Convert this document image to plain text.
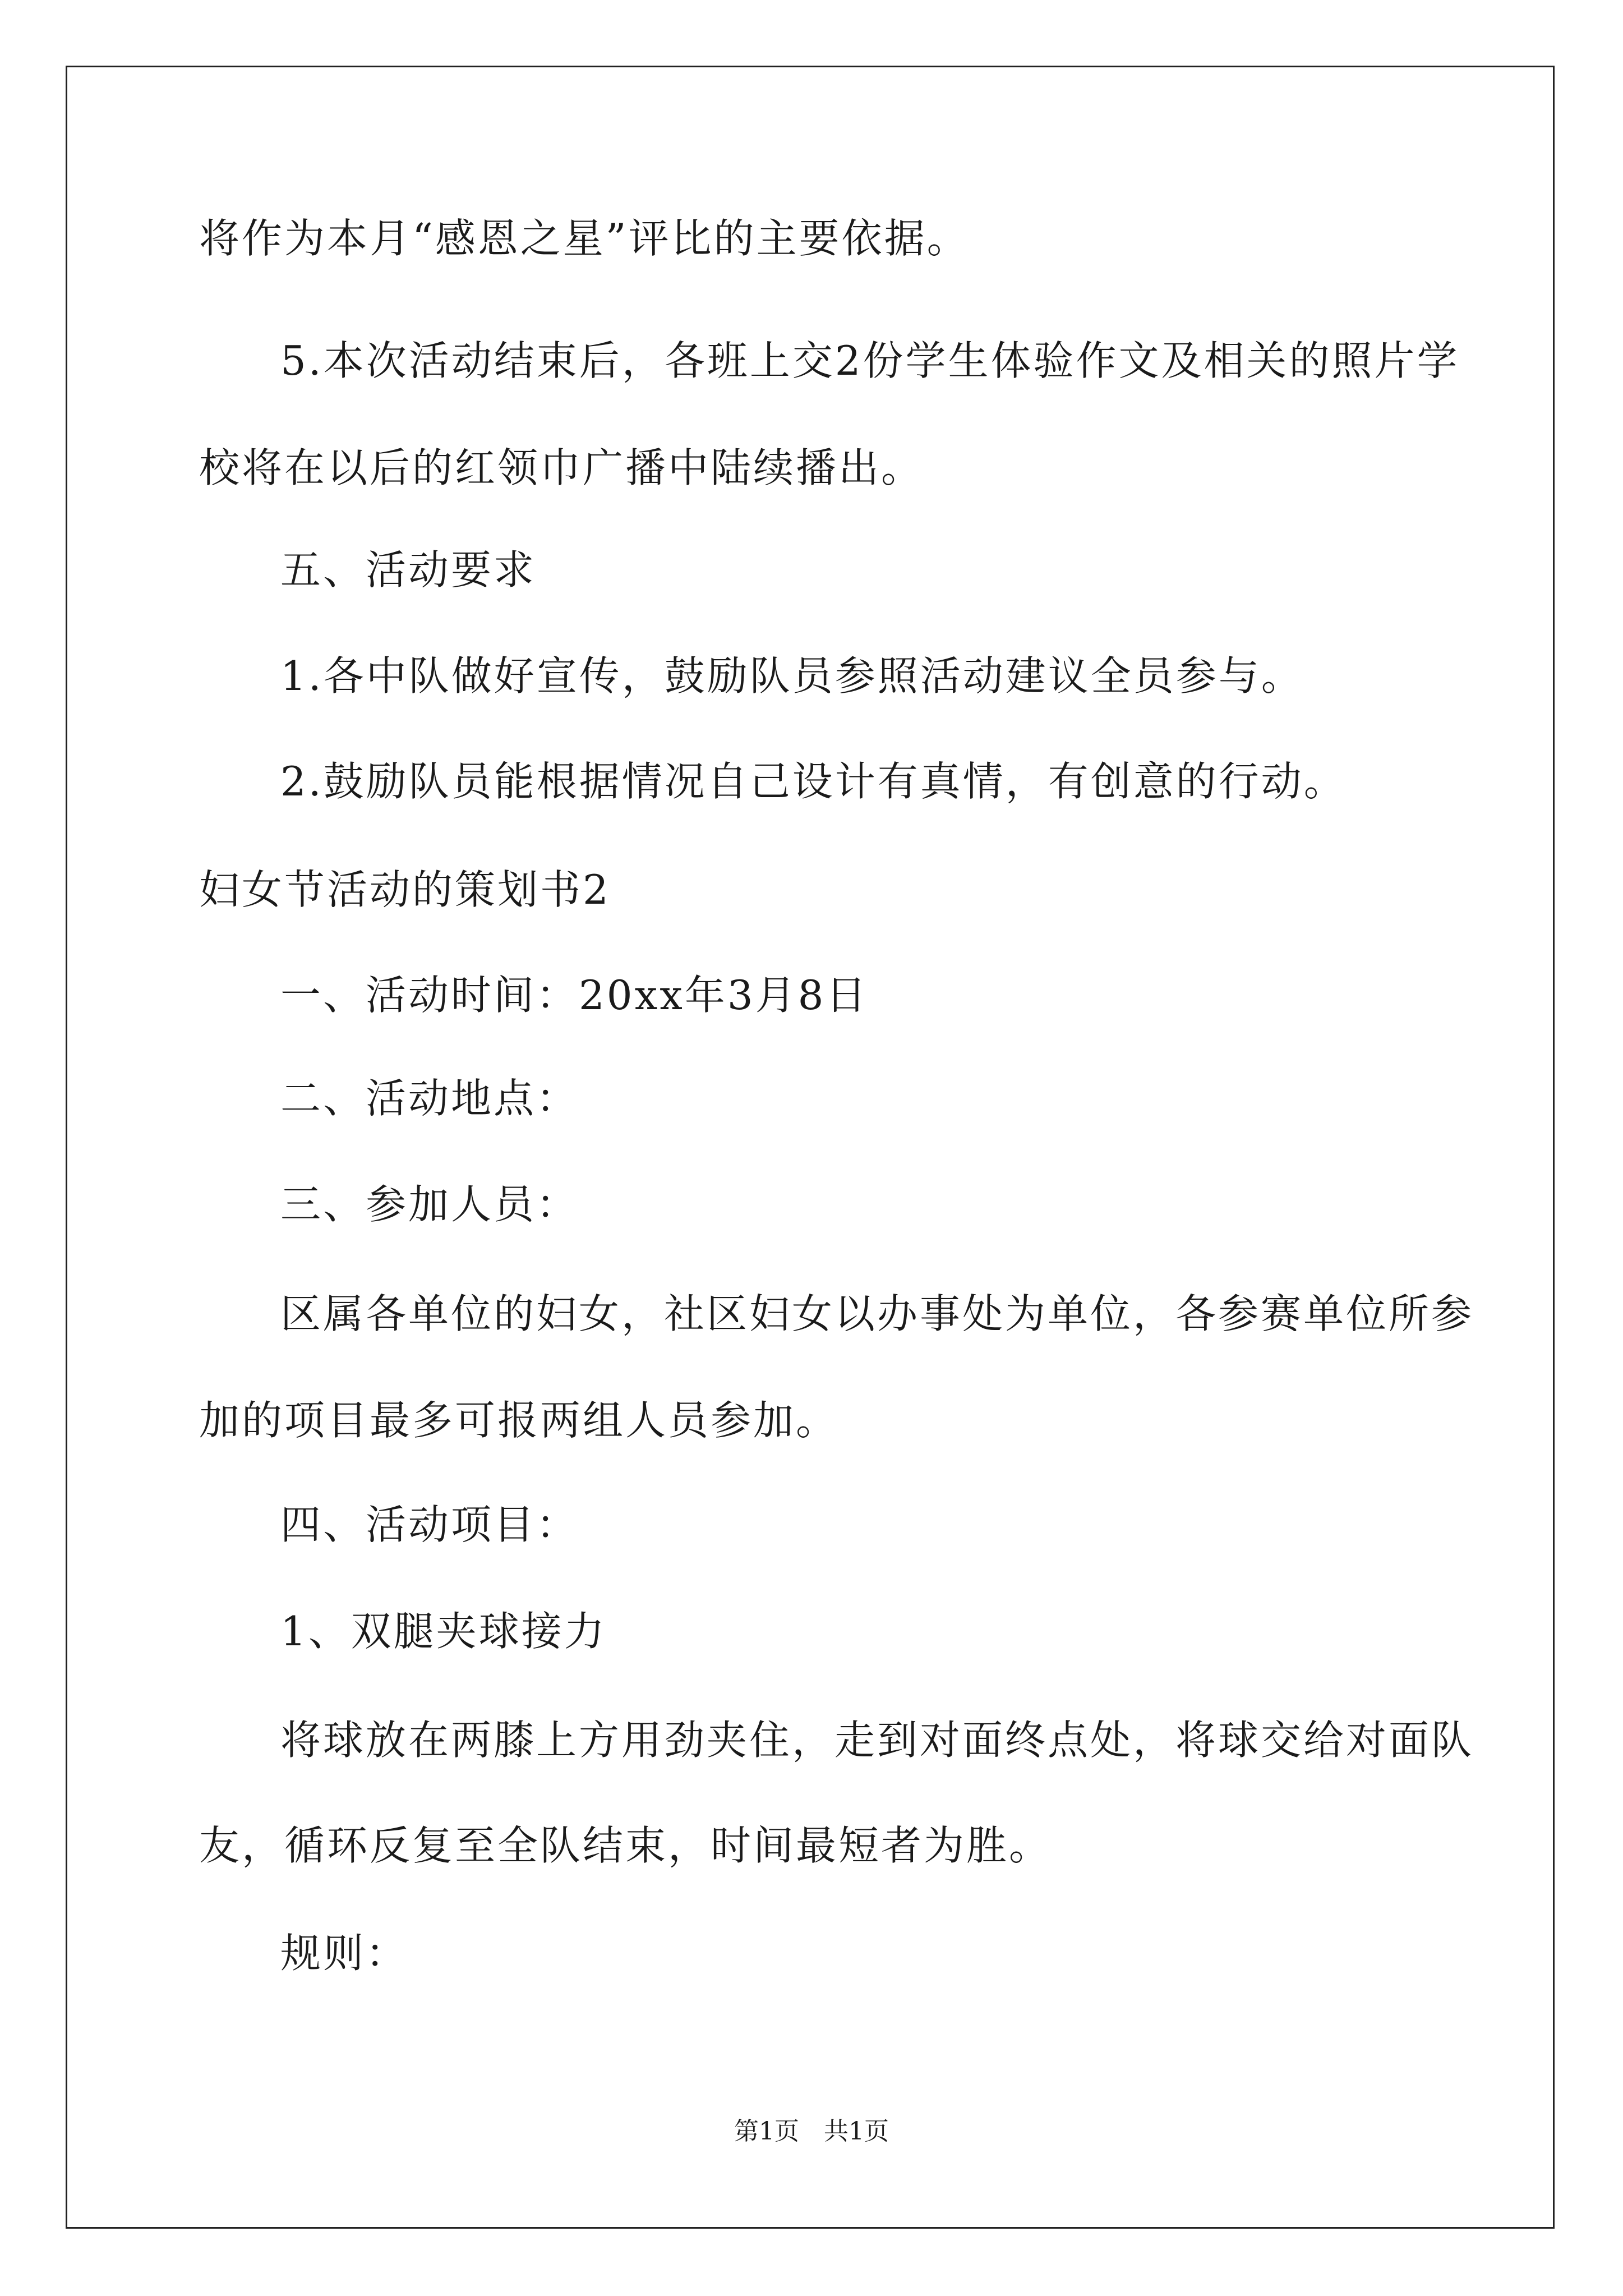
将作为本月“感恩之星”评比的主要依据。
5.本次活动结束后，各班上交2份学生体验作文及相关的照片学
校将在以后的红领巾广播中陆续播出。
五、活动要求
1.各中队做好宣传，鼓励队员参照活动建议全员参与。
2.鼓励队员能根据情况自己设计有真情，有创意的行动。
妇女节活动的策划书2
一、活动时间：20xx年3月8日
二、活动地点：
三、参加人员：
区属各单位的妇女，社区妇女以办事处为单位，各参赛单位所参
加的项目最多可报两组人员参加。
四、活动项目：
1、双腿夹球接力
将球放在两膝上方用劲夹住，走到对面终点处，将球交给对面队
友，循环反复至全队结束，时间最短者为胜。
规则：
第1页　共1页
